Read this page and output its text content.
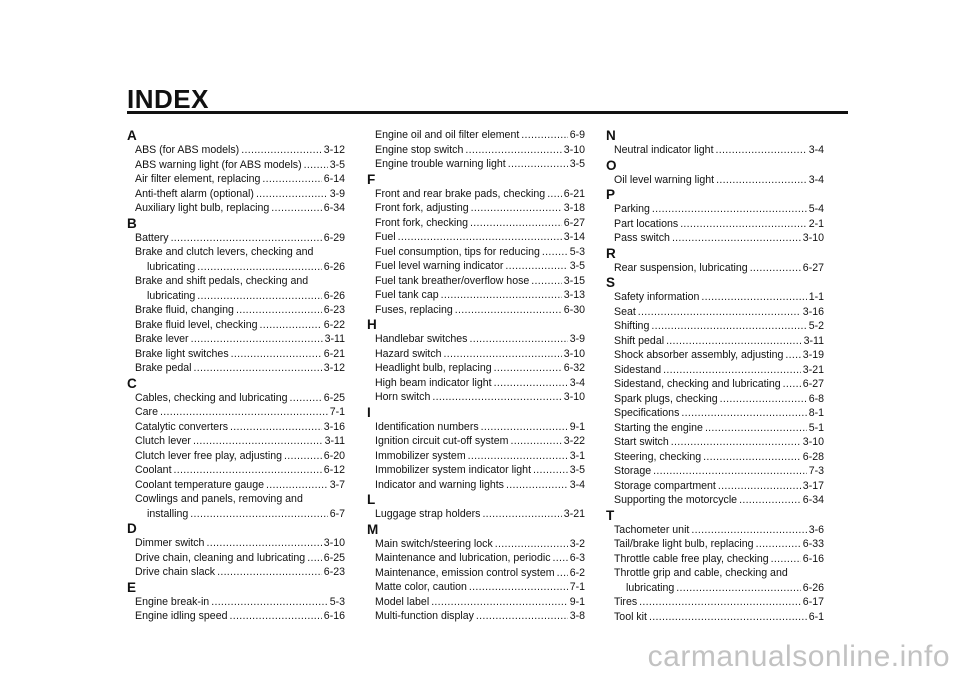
INDEX
A
ABS (for ABS models) .....	3-12
ABS warning light (for ABS models) .....	3-5
Air filter element, replacing .....	6-14
Anti-theft alarm (optional) .....	3-9
Auxiliary light bulb, replacing .....	6-34
B
Battery .....	6-29
Brake and clutch levers, checking and
lubricating .....	6-26
Brake and shift pedals, checking and
lubricating .....	6-26
Brake fluid, changing .....	6-23
Brake fluid level, checking .....	6-22
Brake lever .....	3-11
Brake light switches .....	6-21
Brake pedal .....	3-12
C
Cables, checking and lubricating .....	6-25
Care .....	7-1
Catalytic converters .....	3-16
Clutch lever .....	3-11
Clutch lever free play, adjusting .....	6-20
Coolant .....	6-12
Coolant temperature gauge .....	3-7
Cowlings and panels, removing and
installing .....	6-7
D
Dimmer switch .....	3-10
Drive chain, cleaning and lubricating ..... 6-25
Drive chain slack .....	6-23
E
Engine break-in .....	5-3
Engine idling speed .....	6-16
Engine oil and oil filter element .....	6-9
Engine stop switch .....	3-10
Engine trouble warning light .....	3-5
F
Front and rear brake pads, checking ..... 6-21
Front fork, adjusting .....	3-18
Front fork, checking .....	6-27
Fuel .....	3-14
Fuel consumption, tips for reducing .....	5-3
Fuel level warning indicator .....	3-5
Fuel tank breather/overflow hose .....	3-15
Fuel tank cap .....	3-13
Fuses, replacing .....	6-30
H
Handlebar switches .....	3-9
Hazard switch .....	3-10
Headlight bulb, replacing .....	6-32
High beam indicator light .....	3-4
Horn switch .....	3-10
I
Identification numbers .....	9-1
Ignition circuit cut-off system .....	3-22
Immobilizer system .....	3-1
Immobilizer system indicator light .....	3-5
Indicator and warning lights .....	3-4
L
Luggage strap holders .....	3-21
M
Main switch/steering lock .....	3-2
Maintenance and lubrication, periodic ..... 6-3
Maintenance, emission control system ..... 6-2
Matte color, caution .....	7-1
Model label .....	9-1
Multi-function display .....	3-8
N
Neutral indicator light .....	3-4
O
Oil level warning light .....	3-4
P
Parking .....	5-4
Part locations .....	2-1
Pass switch .....	3-10
R
Rear suspension, lubricating .....	6-27
S
Safety information .....	1-1
Seat .....	3-16
Shifting .....	5-2
Shift pedal .....	3-11
Shock absorber assembly, adjusting ..... 3-19
Sidestand .....	3-21
Sidestand, checking and lubricating ..... 6-27
Spark plugs, checking .....	6-8
Specifications .....	8-1
Starting the engine .....	5-1
Start switch .....	3-10
Steering, checking .....	6-28
Storage .....	7-3
Storage compartment .....	3-17
Supporting the motorcycle .....	6-34
T
Tachometer unit .....	3-6
Tail/brake light bulb, replacing .....	6-33
Throttle cable free play, checking .....	6-16
Throttle grip and cable, checking and
lubricating .....	6-26
Tires .....	6-17
Tool kit .....	6-1
carmanualsonline.info
